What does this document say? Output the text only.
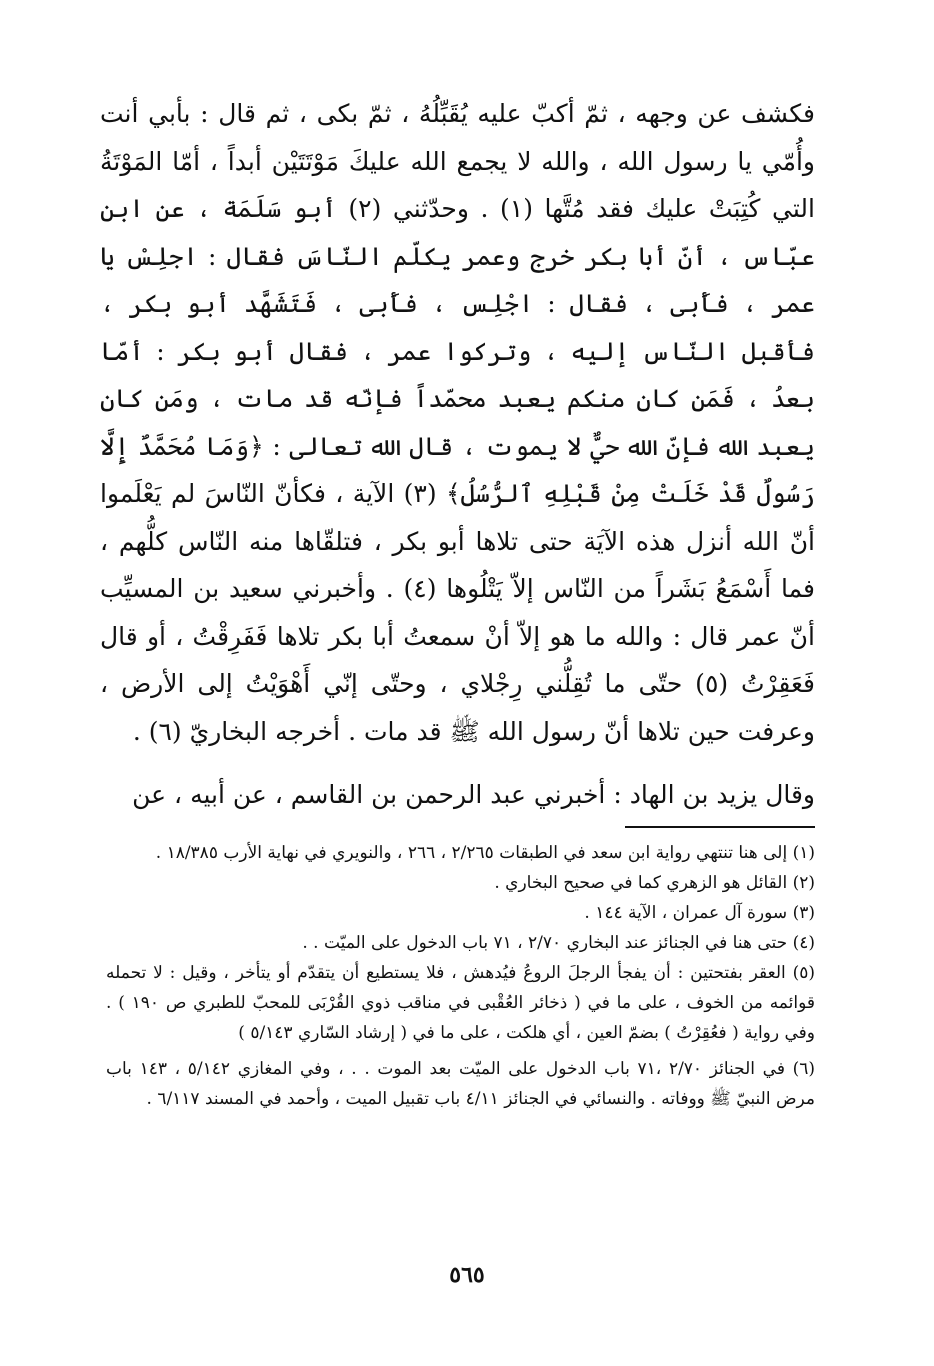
فكشف عن وجهه ، ثمّ أكبّ عليه يُقَبِّلُهُ ، ثمّ بكى ، ثم قال : بأبي أنت وأُمّي يا رسول الله ، والله لا يجمع الله عليكَ مَوْتَتَيْن أبداً ، أمّا المَوْتَةُ التي كُتِبَتْ عليك فقد مُتَّها (١) . وحدّثني (٢) أبو سَلَمَة ، عن ابن عبّاس ، أنّ أبا بكر خرج وعمر يكلّم النّاسَ فقال : اجلِسْ يا عمر ، فأَبى ، فقال : اجْلِس ، فأَبى ، فَتَشَهَّد أبو بكر ، فأقبل النّاس إليه ، وتركوا عمر ، فقال أبو بكر : أمّا بعدُ ، فَمَن كان منكم يعبد محمّداً فإنّه قد مات ، ومَن كان يعبد الله فإنّ الله حيٌّ لا يموت ، قال الله تعالى : ﴿وَمَا مُحَمَّدٌ إِلَّا رَسُولٌ قَدْ خَلَتْ مِنْ قَبْلِهِ ٱلرُّسُلُ﴾ (٣) الآية ، فكأنّ النّاسَ لم يَعْلَموا أنّ الله أنزل هذه الآيَة حتى تلاها أبو بكر ، فتلقّاها منه النّاس كلُّهم ، فما أَسْمَعُ بَشَراً من النّاس إلاّ يَتْلُوها (٤) . وأخبرني سعيد بن المسيِّب أنّ عمر قال : والله ما هو إلاّ أنْ سمعتُ أبا بكر تلاها فَفَرِقْتُ ، أو قال فَعَقِرْتُ (٥) حتّى ما تُقِلُّني رِجْلاي ، وحتّى إنّي أَهْوَيْتُ إلى الأرض ، وعرفت حين تلاها أنّ رسول الله ﷺ قد مات . أخرجه البخاريّ (٦) .

وقال يزيد بن الهاد : أخبرني عبد الرحمن بن القاسم ، عن أبيه ، عن

(١) إلى هنا تنتهي رواية ابن سعد في الطبقات ٢/٢٦٥ ، ٢٦٦ ، والنويري في نهاية الأرب ١٨/٣٨٥ .

(٢) القائل هو الزهري كما في صحيح البخاري .

(٣) سورة آل عمران ، الآية ١٤٤ .

(٤) حتى هنا في الجنائز عند البخاري ٢/٧٠ ، ٧١ باب الدخول على الميّت . .

(٥) العقر بفتحتين : أن يفجأ الرجلَ الروعُ فيُدهش ، فلا يستطيع أن يتقدّم أو يتأخر ، وقيل : لا تحمله قوائمه من الخوف ، على ما في ( ذخائر العُقْبى في مناقب ذوي القُرْبَى للمحبّ للطبري ص ١٩٠ ) . وفي رواية ( فعُقِرْتُ ) بضمّ العين ، أي هلكت ، على ما في ( إرشاد السّاري ٥/١٤٣ )

(٦) في الجنائز ٢/٧٠ ،٧١ باب الدخول على الميّت بعد الموت . . ، وفي المغازي ٥/١٤٢ ، ١٤٣ باب مرض النبيّ ﷺ ووفاته . والنسائي في الجنائز ٤/١١ باب تقبيل الميت ، وأحمد في المسند ٦/١١٧ .

٥٦٥
